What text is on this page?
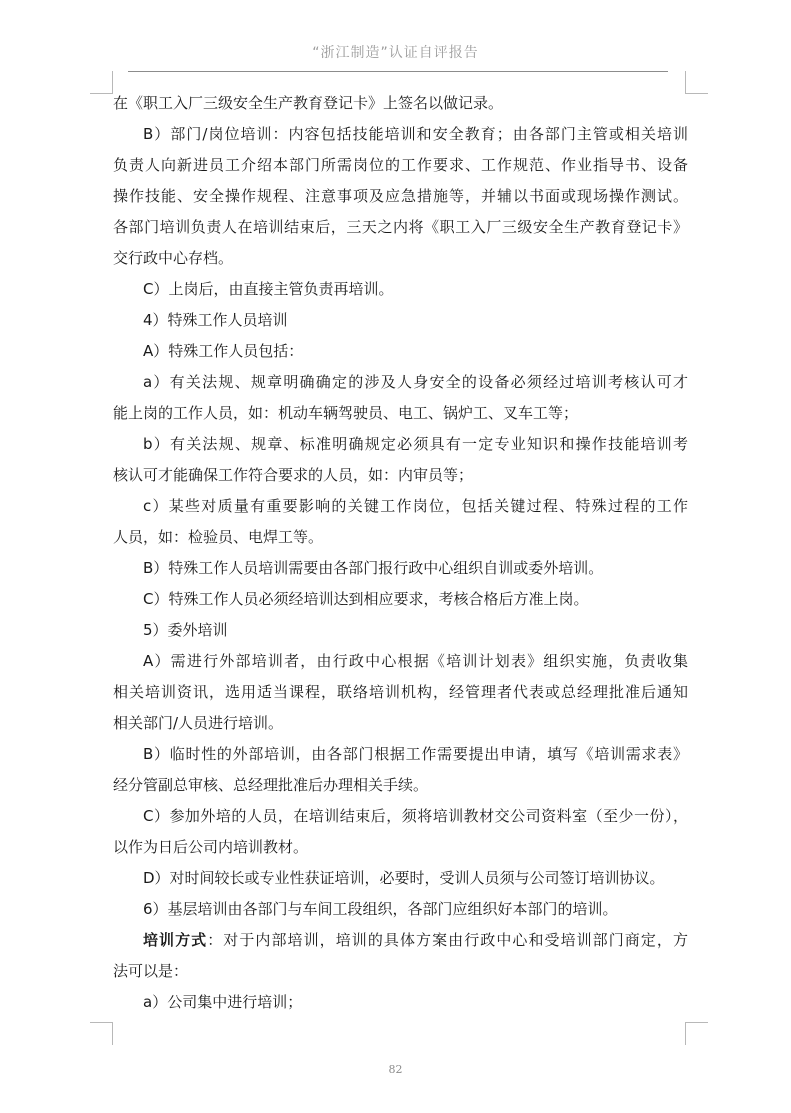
“浙江制造”认证自评报告
在《职工入厂三级安全生产教育登记卡》上签名以做记录。
B）部门/岗位培训：内容包括技能培训和安全教育；由各部门主管或相关培训
负责人向新进员工介绍本部门所需岗位的工作要求、工作规范、作业指导书、设备
操作技能、安全操作规程、注意事项及应急措施等，并辅以书面或现场操作测试。
各部门培训负责人在培训结束后，三天之内将《职工入厂三级安全生产教育登记卡》
交行政中心存档。
C）上岗后，由直接主管负责再培训。
4）特殊工作人员培训
A）特殊工作人员包括：
a）有关法规、规章明确确定的涉及人身安全的设备必须经过培训考核认可才
能上岗的工作人员，如：机动车辆驾驶员、电工、锅炉工、叉车工等；
b）有关法规、规章、标准明确规定必须具有一定专业知识和操作技能培训考
核认可才能确保工作符合要求的人员，如：内审员等；
c）某些对质量有重要影响的关键工作岗位，包括关键过程、特殊过程的工作
人员，如：检验员、电焊工等。
B）特殊工作人员培训需要由各部门报行政中心组织自训或委外培训。
C）特殊工作人员必须经培训达到相应要求，考核合格后方准上岗。
5）委外培训
A）需进行外部培训者，由行政中心根据《培训计划表》组织实施，负责收集
相关培训资讯，选用适当课程，联络培训机构，经管理者代表或总经理批准后通知
相关部门/人员进行培训。
B）临时性的外部培训，由各部门根据工作需要提出申请，填写《培训需求表》
经分管副总审核、总经理批准后办理相关手续。
C）参加外培的人员，在培训结束后，须将培训教材交公司资料室（至少一份），
以作为日后公司内培训教材。
D）对时间较长或专业性获证培训，必要时，受训人员须与公司签订培训协议。
6）基层培训由各部门与车间工段组织，各部门应组织好本部门的培训。
培训方式：对于内部培训，培训的具体方案由行政中心和受培训部门商定，方
法可以是：
a）公司集中进行培训；
82
